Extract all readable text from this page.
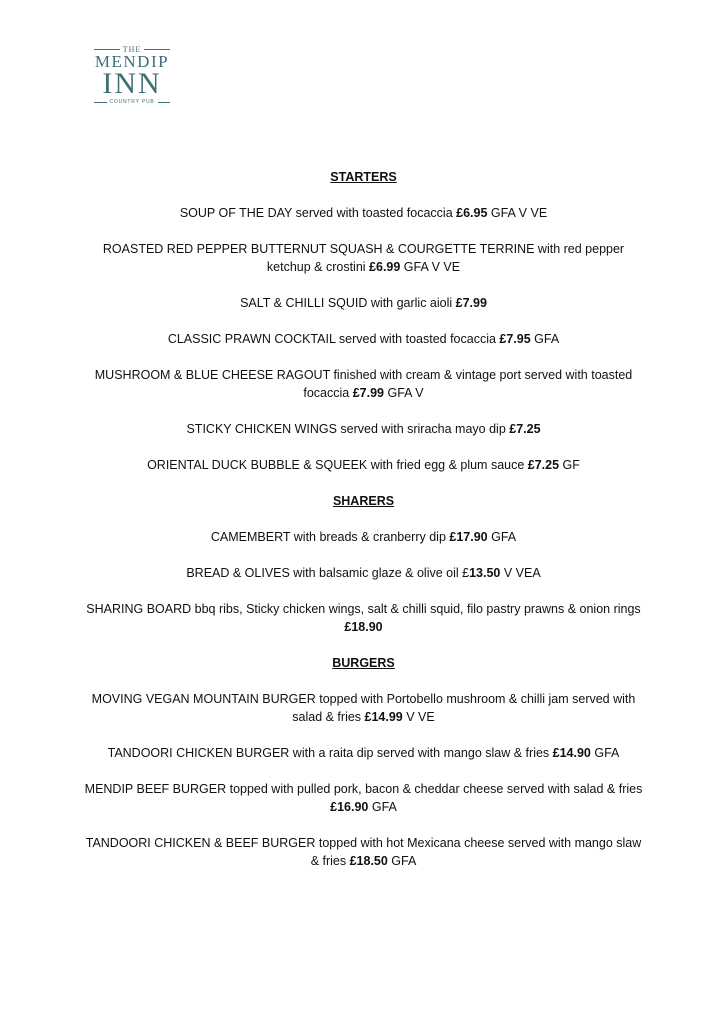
THE
MENDIP
INN
COUNTRY PUB
STARTERS
SOUP OF THE DAY served with toasted focaccia £6.95 GFA V VE
ROASTED RED PEPPER BUTTERNUT SQUASH & COURGETTE TERRINE with red pepper ketchup & crostini £6.99 GFA V VE
SALT & CHILLI SQUID with garlic aioli £7.99
CLASSIC PRAWN COCKTAIL served with toasted focaccia £7.95 GFA
MUSHROOM & BLUE CHEESE RAGOUT finished with cream & vintage port served with toasted focaccia £7.99 GFA V
STICKY CHICKEN WINGS served with sriracha mayo dip £7.25
ORIENTAL DUCK BUBBLE & SQUEEK with fried egg & plum sauce £7.25 GF
SHARERS
CAMEMBERT with breads & cranberry dip £17.90 GFA
BREAD & OLIVES with balsamic glaze & olive oil £13.50 V VEA
SHARING BOARD bbq ribs, Sticky chicken wings, salt & chilli squid, filo pastry prawns & onion rings £18.90
BURGERS
MOVING VEGAN MOUNTAIN BURGER topped with Portobello mushroom & chilli jam served with salad & fries £14.99 V VE
TANDOORI CHICKEN BURGER with a raita dip served with mango slaw & fries £14.90 GFA
MENDIP BEEF BURGER topped with pulled pork, bacon & cheddar cheese served with salad & fries £16.90 GFA
TANDOORI CHICKEN & BEEF BURGER topped with hot Mexicana cheese served with mango slaw & fries £18.50 GFA
